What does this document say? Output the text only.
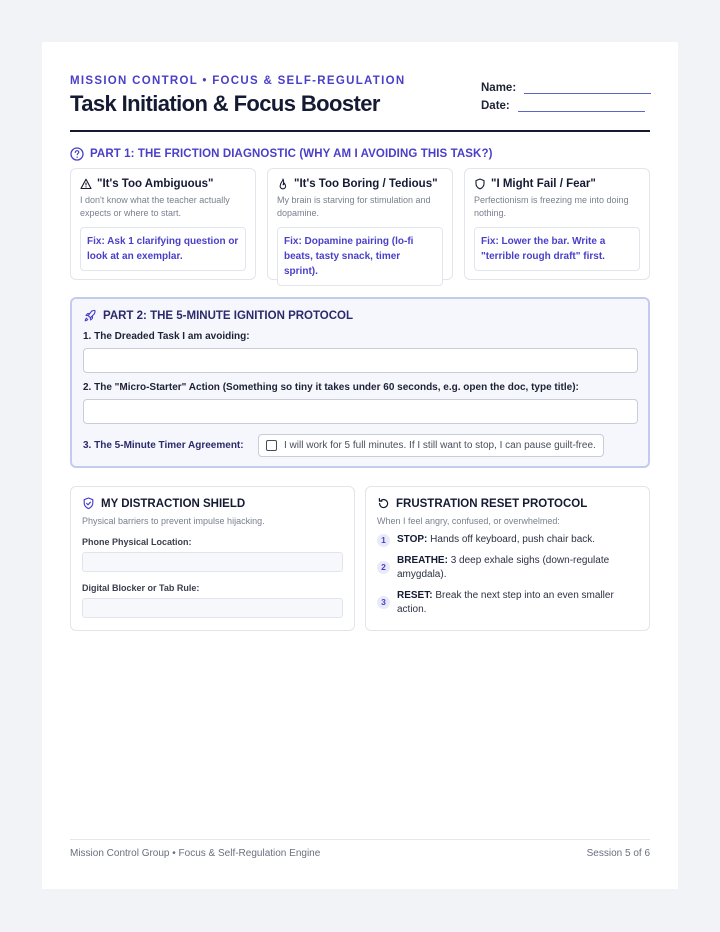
MISSION CONTROL • FOCUS & SELF-REGULATION
Task Initiation & Focus Booster
Name:
Date:
PART 1: THE FRICTION DIAGNOSTIC (WHY AM I AVOIDING THIS TASK?)
"It's Too Ambiguous"
I don't know what the teacher actually expects or where to start.
Fix: Ask 1 clarifying question or look at an exemplar.
"It's Too Boring / Tedious"
My brain is starving for stimulation and dopamine.
Fix: Dopamine pairing (lo-fi beats, tasty snack, timer sprint).
"I Might Fail / Fear"
Perfectionism is freezing me into doing nothing.
Fix: Lower the bar. Write a "terrible rough draft" first.
PART 2: THE 5-MINUTE IGNITION PROTOCOL
1. The Dreaded Task I am avoiding:
2. The "Micro-Starter" Action (Something so tiny it takes under 60 seconds, e.g. open the doc, type title):
3. The 5-Minute Timer Agreement:	I will work for 5 full minutes. If I still want to stop, I can pause guilt-free.
MY DISTRACTION SHIELD
Physical barriers to prevent impulse hijacking.
Phone Physical Location:
Digital Blocker or Tab Rule:
FRUSTRATION RESET PROTOCOL
When I feel angry, confused, or overwhelmed:
1	STOP: Hands off keyboard, push chair back.
2
BREATHE: 3 deep exhale sighs (down-regulate amygdala).
3
RESET: Break the next step into an even smaller action.
Mission Control Group • Focus & Self-Regulation Engine	Session 5 of 6
